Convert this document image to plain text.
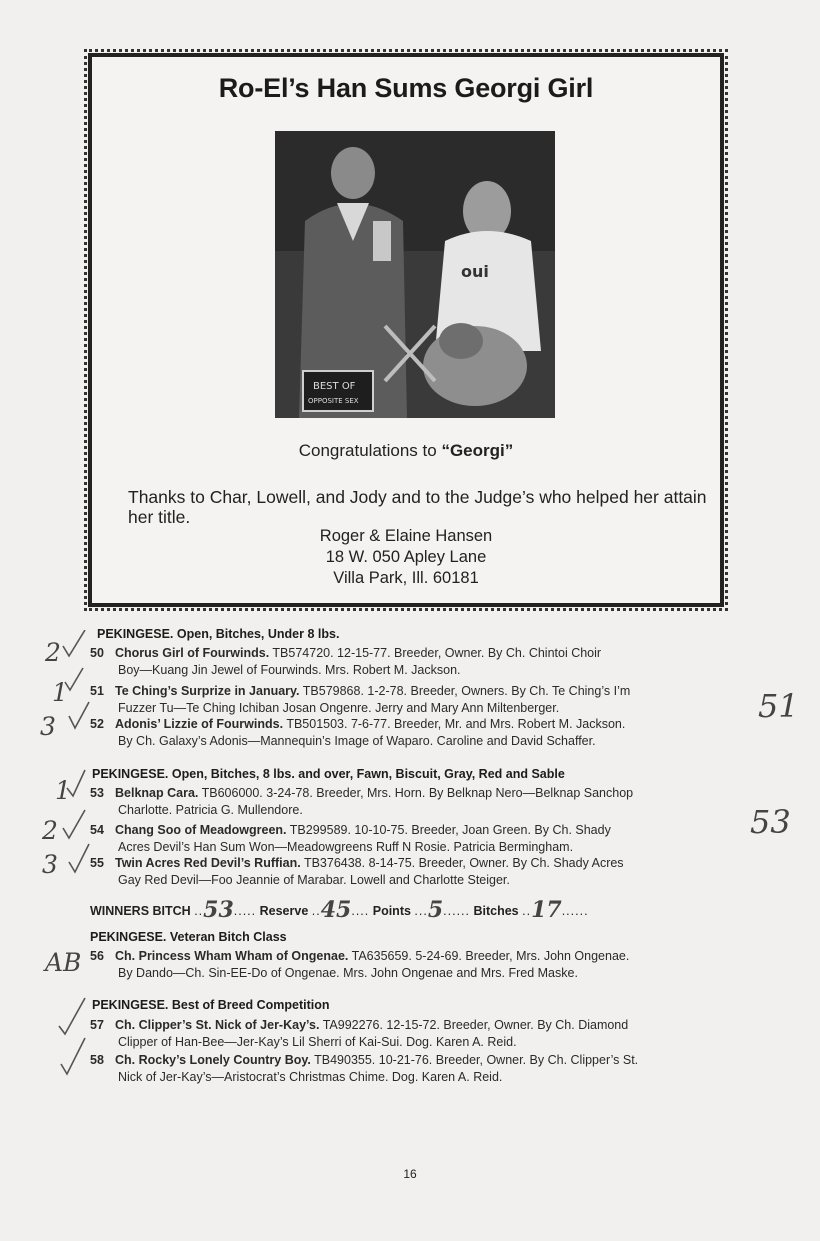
Ro-El’s Han Sums Georgi Girl
oui
BEST OF
OPPOSITE SEX
Congratulations to “Georgi”
Thanks to Char, Lowell, and Jody and to the Judge’s who helped her attain her title.
Roger & Elaine Hansen
18 W. 050 Apley Lane
Villa Park, Ill. 60181
PEKINGESE. Open, Bitches, Under 8 lbs.
50 Chorus Girl of Fourwinds. TB574720. 12-15-77. Breeder, Owner. By Ch. Chintoi Choir
Boy—Kuang Jin Jewel of Fourwinds. Mrs. Robert M. Jackson.
51 Te Ching’s Surprize in January. TB579868. 1-2-78. Breeder, Owners. By Ch. Te Ching’s I’m
Fuzzer Tu—Te Ching Ichiban Josan Ongenre. Jerry and Mary Ann Miltenberger.
52 Adonis’ Lizzie of Fourwinds. TB501503. 7-6-77. Breeder, Mr. and Mrs. Robert M. Jackson.
By Ch. Galaxy’s Adonis—Mannequin’s Image of Waparo. Caroline and David Schaffer.
PEKINGESE. Open, Bitches, 8 lbs. and over, Fawn, Biscuit, Gray, Red and Sable
53 Belknap Cara. TB606000. 3-24-78. Breeder, Mrs. Horn. By Belknap Nero—Belknap Sanchop
Charlotte. Patricia G. Mullendore.
54 Chang Soo of Meadowgreen. TB299589. 10-10-75. Breeder, Joan Green. By Ch. Shady
Acres Devil’s Han Sum Won—Meadowgreens Ruff N Rosie. Patricia Bermingham.
55 Twin Acres Red Devil’s Ruffian. TB376438. 8-14-75. Breeder, Owner. By Ch. Shady Acres
Gay Red Devil—Foo Jeannie of Marabar. Lowell and Charlotte Steiger.
WINNERS BITCH ..53..... Reserve ..45.... Points ...5...... Bitches ..17......
PEKINGESE. Veteran Bitch Class
56 Ch. Princess Wham Wham of Ongenae. TA635659. 5-24-69. Breeder, Mrs. John Ongenae.
By Dando—Ch. Sin-EE-Do of Ongenae. Mrs. John Ongenae and Mrs. Fred Maske.
PEKINGESE. Best of Breed Competition
57 Ch. Clipper’s St. Nick of Jer-Kay’s. TA992276. 12-15-72. Breeder, Owner. By Ch. Diamond
Clipper of Han-Bee—Jer-Kay’s Lil Sherri of Kai-Sui. Dog. Karen A. Reid.
58 Ch. Rocky’s Lonely Country Boy. TB490355. 10-21-76. Breeder, Owner. By Ch. Clipper’s St.
Nick of Jer-Kay’s—Aristocrat’s Christmas Chime. Dog. Karen A. Reid.
2
1
3
1
2
3
AB
51
53
16
